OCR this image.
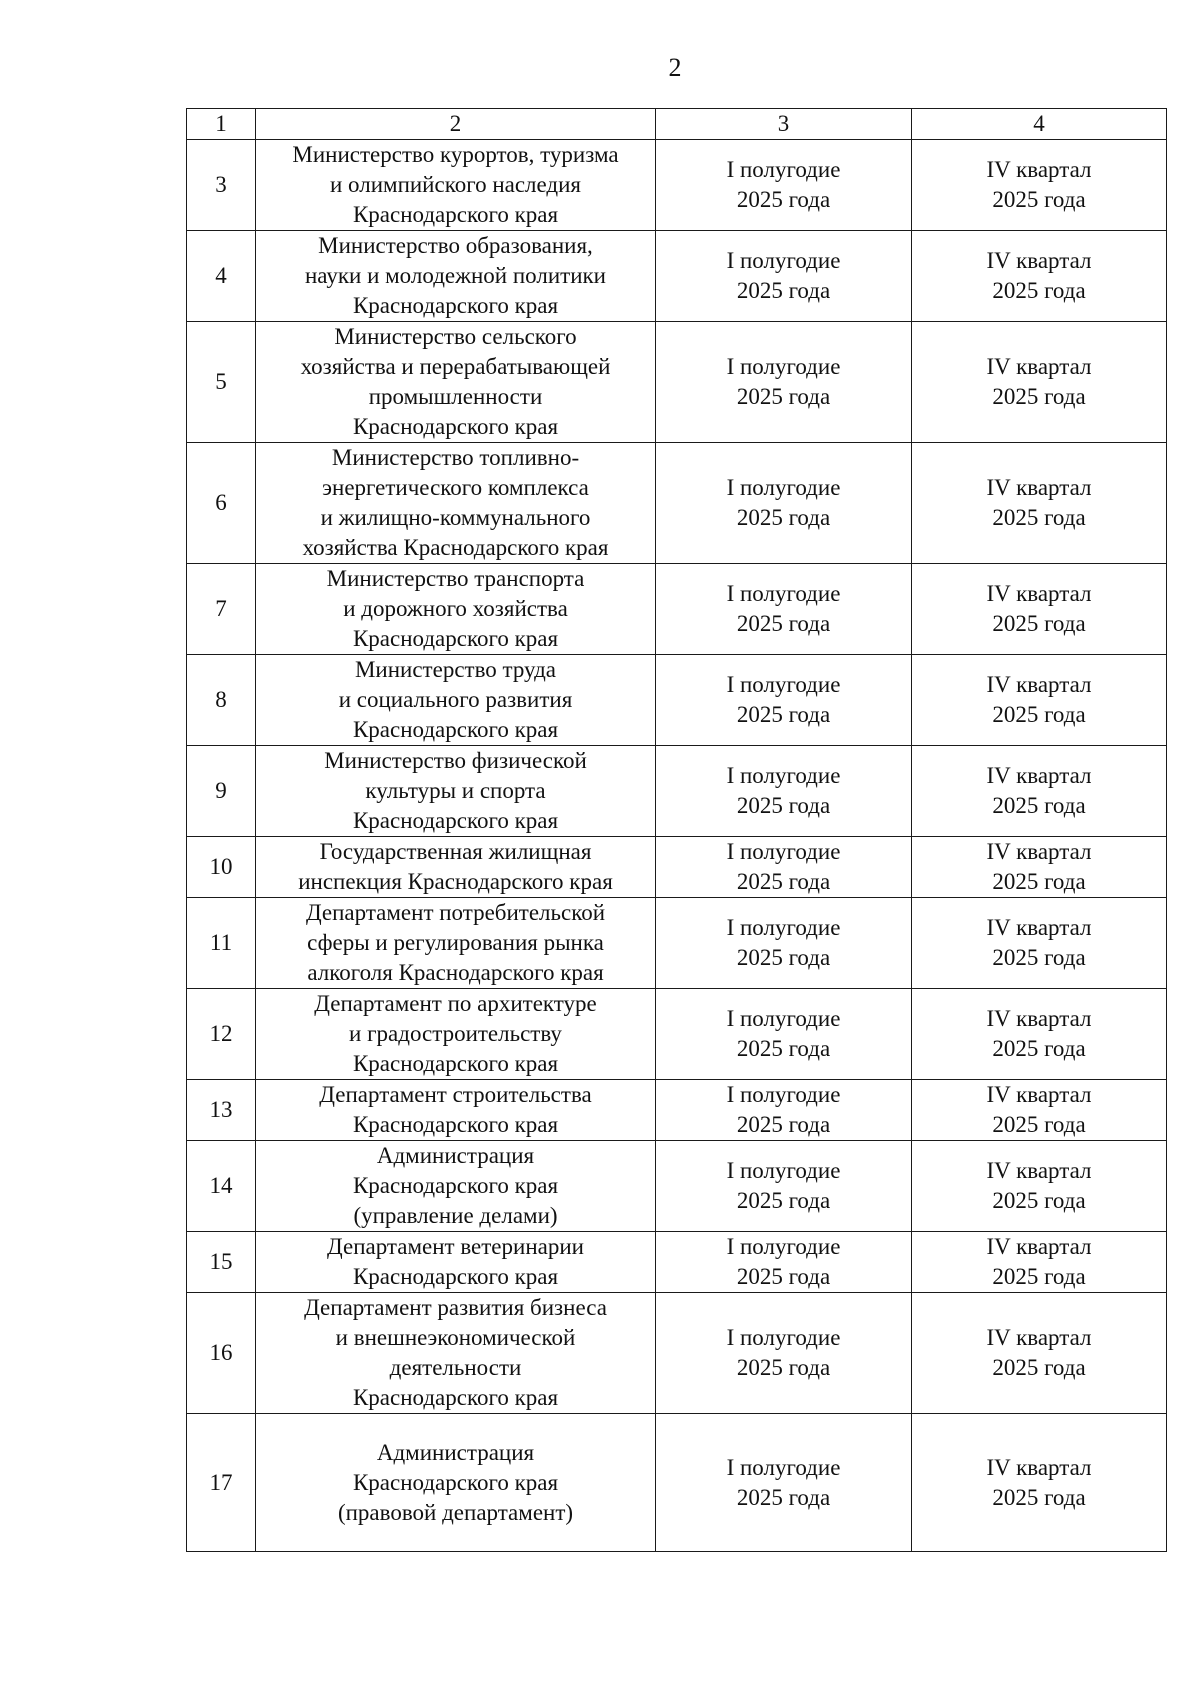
2
1	2	3	4
3	Министерство курортов, туризма
и олимпийского наследия
Краснодарского края	I полугодие
2025 года	IV квартал
2025 года

4	Министерство образования,
науки и молодежной политики
Краснодарского края	I полугодие
2025 года	IV квартал
2025 года

5	Министерство сельского
хозяйства и перерабатывающей
промышленности
Краснодарского края	I полугодие
2025 года	IV квартал
2025 года

6	Министерство топливно-
энергетического комплекса
и жилищно-коммунального
хозяйства Краснодарского края	I полугодие
2025 года	IV квартал
2025 года

7	Министерство транспорта
и дорожного хозяйства
Краснодарского края	I полугодие
2025 года	IV квартал
2025 года

8	Министерство труда
и социального развития
Краснодарского края	I полугодие
2025 года	IV квартал
2025 года

9	Министерство физической
культуры и спорта
Краснодарского края	I полугодие
2025 года	IV квартал
2025 года

10	Государственная жилищная
инспекция Краснодарского края	I полугодие
2025 года	IV квартал
2025 года

11	Департамент потребительской
сферы и регулирования рынка
алкоголя Краснодарского края	I полугодие
2025 года	IV квартал
2025 года

12	Департамент по архитектуре
и градостроительству
Краснодарского края	I полугодие
2025 года	IV квартал
2025 года

13	Департамент строительства
Краснодарского края	I полугодие
2025 года	IV квартал
2025 года

14	Администрация
Краснодарского края
(управление делами)	I полугодие
2025 года	IV квартал
2025 года

15	Департамент ветеринарии
Краснодарского края	I полугодие
2025 года	IV квартал
2025 года

16	Департамент развития бизнеса
и внешнеэкономической
деятельности
Краснодарского края	I полугодие
2025 года	IV квартал
2025 года

17	Администрация
Краснодарского края
(правовой департамент)	I полугодие
2025 года	IV квартал
2025 года
